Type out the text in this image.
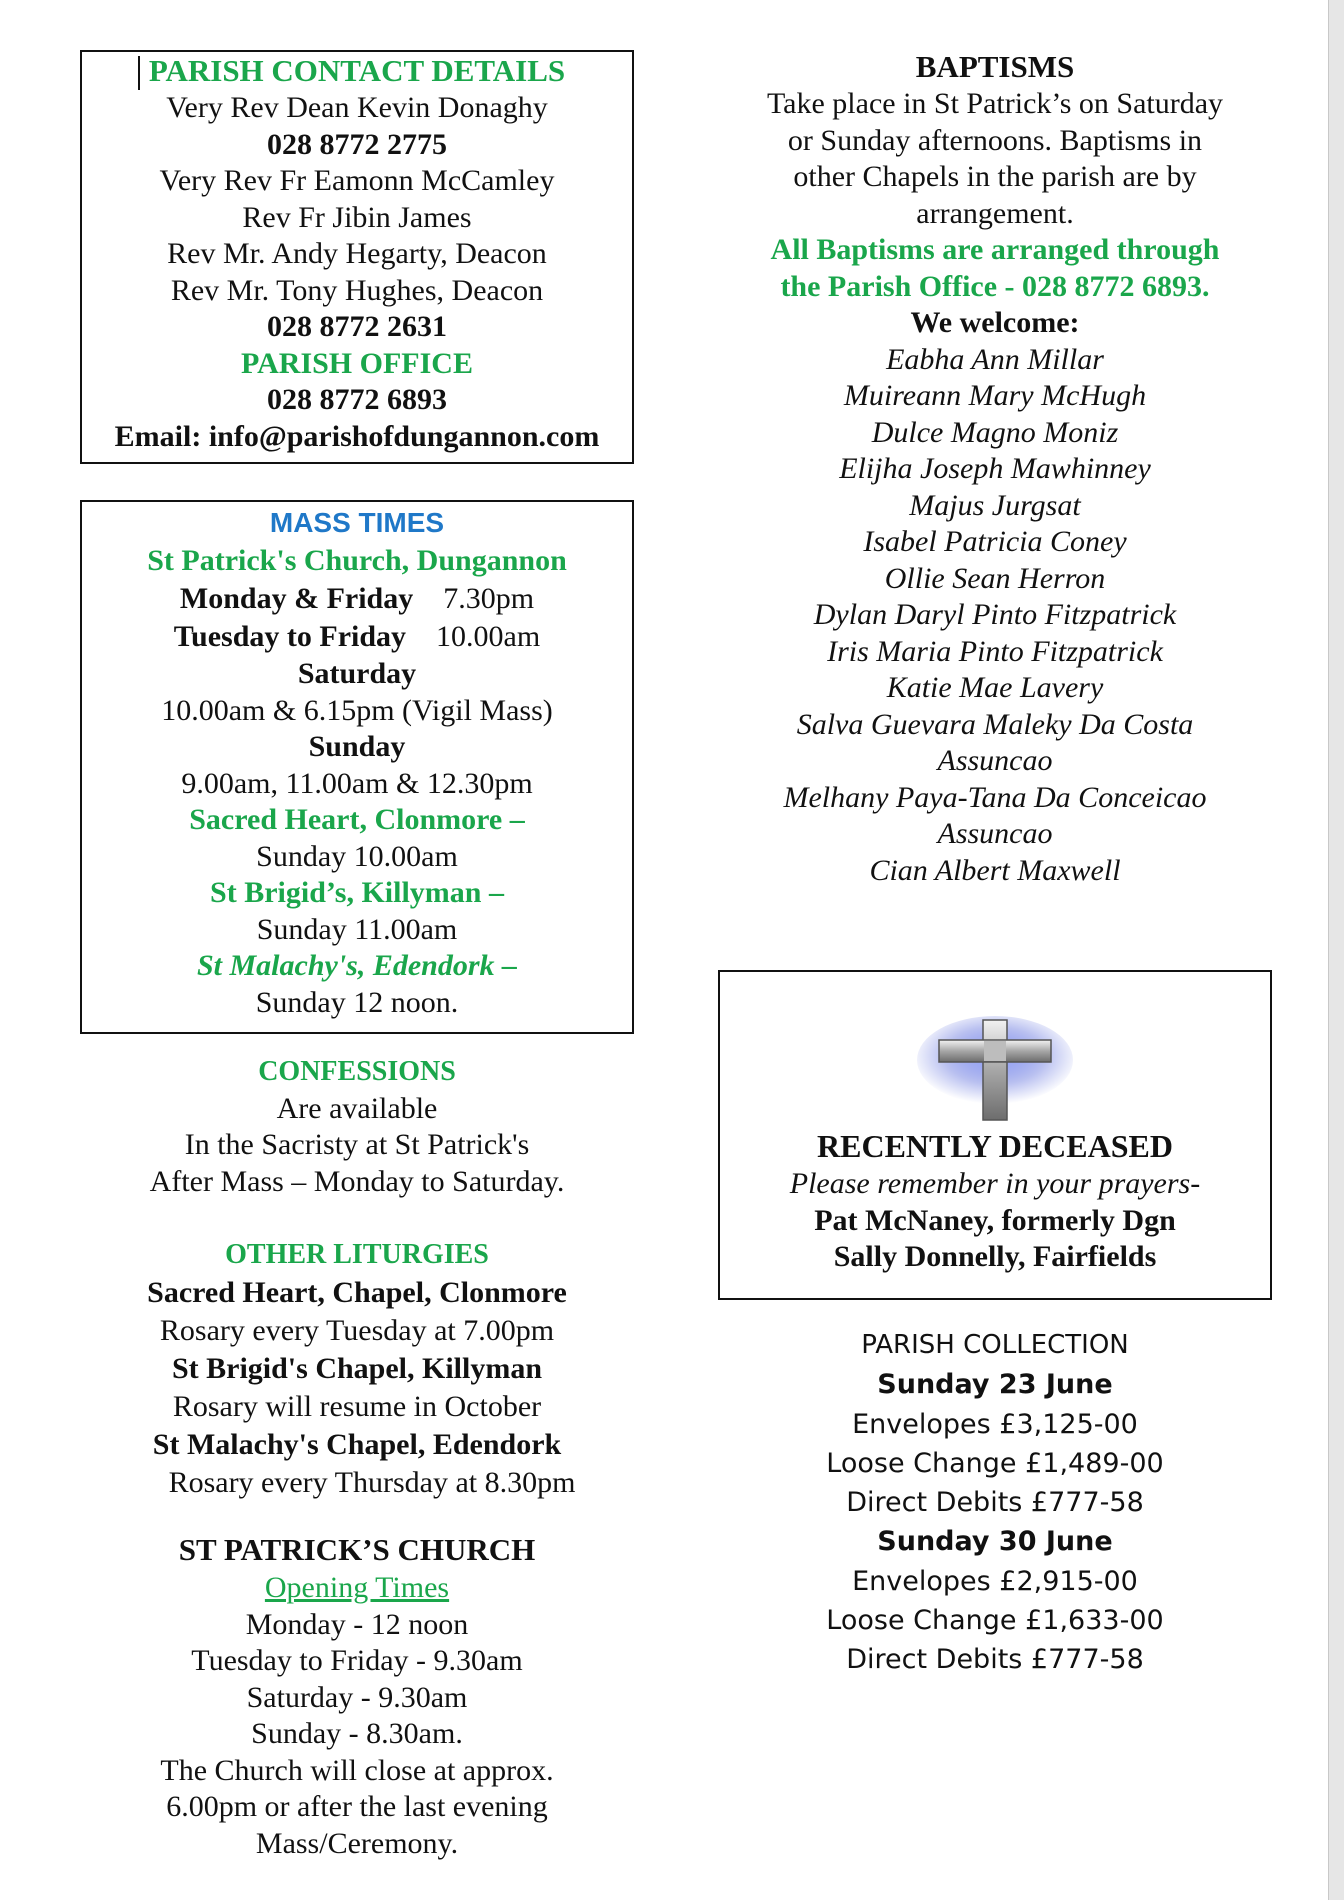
PARISH CONTACT DETAILS
Very Rev Dean Kevin Donaghy
028 8772 2775
Very Rev Fr Eamonn McCamley
Rev Fr Jibin James
Rev Mr. Andy Hegarty, Deacon
Rev Mr. Tony Hughes, Deacon
028 8772 2631
PARISH OFFICE
028 8772 6893
Email: info@parishofdungannon.com
MASS TIMES
St Patrick's Church, Dungannon
Monday & Friday 7.30pm
Tuesday to Friday 10.00am
Saturday
10.00am & 6.15pm (Vigil Mass)
Sunday
9.00am, 11.00am & 12.30pm
Sacred Heart, Clonmore –
Sunday 10.00am
St Brigid’s, Killyman –
Sunday 11.00am
St Malachy's, Edendork –
Sunday 12 noon.
CONFESSIONS
Are available
In the Sacristy at St Patrick's
After Mass – Monday to Saturday.
OTHER LITURGIES
Sacred Heart, Chapel, Clonmore
Rosary every Tuesday at 7.00pm
St Brigid's Chapel, Killyman
Rosary will resume in October
St Malachy's Chapel, Edendork
Rosary every Thursday at 8.30pm
ST PATRICK’S CHURCH
Opening Times
Monday - 12 noon
Tuesday to Friday - 9.30am
Saturday - 9.30am
Sunday - 8.30am.
The Church will close at approx.
6.00pm or after the last evening
Mass/Ceremony.
BAPTISMS
Take place in St Patrick’s on Saturday
or Sunday afternoons. Baptisms in
other Chapels in the parish are by
arrangement.
All Baptisms are arranged through
the Parish Office - 028 8772 6893.
We welcome:
Eabha Ann Millar
Muireann Mary McHugh
Dulce Magno Moniz
Elijha Joseph Mawhinney
Majus Jurgsat
Isabel Patricia Coney
Ollie Sean Herron
Dylan Daryl Pinto Fitzpatrick
Iris Maria Pinto Fitzpatrick
Katie Mae Lavery
Salva Guevara Maleky Da Costa
Assuncao
Melhany Paya-Tana Da Conceicao
Assuncao
Cian Albert Maxwell
RECENTLY DECEASED
Please remember in your prayers-
Pat McNaney, formerly Dgn
Sally Donnelly, Fairfields
PARISH COLLECTION
Sunday 23 June
Envelopes £3,125-00
Loose Change £1,489-00
Direct Debits £777-58
Sunday 30 June
Envelopes £2,915-00
Loose Change £1,633-00
Direct Debits £777-58
